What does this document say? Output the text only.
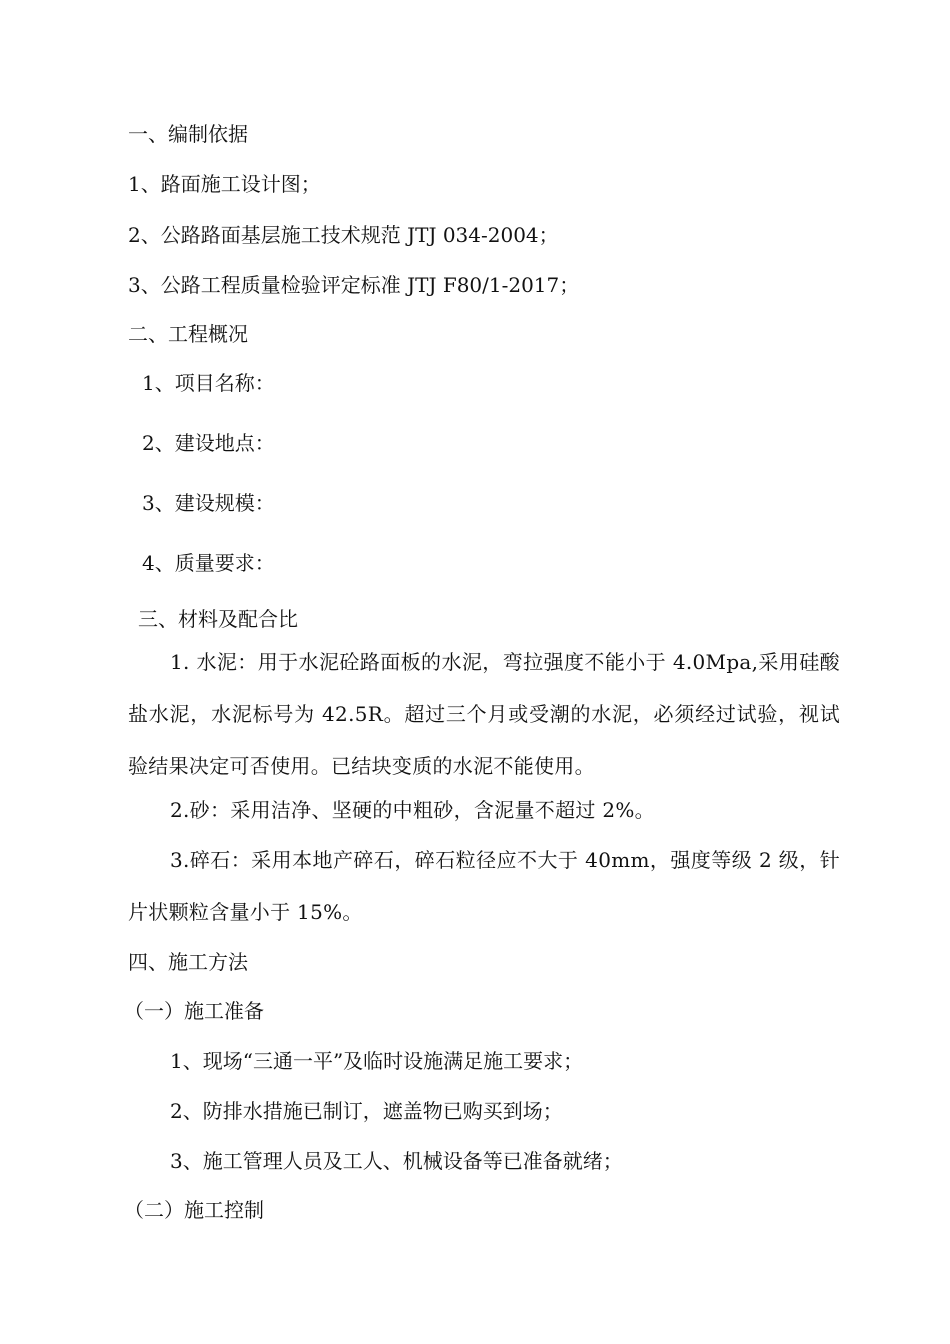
一、编制依据
1、路面施工设计图；
2、公路路面基层施工技术规范 JTJ 034-2004；
3、公路工程质量检验评定标准 JTJ F80/1-2017；
二、工程概况
1、项目名称：
2、建设地点：
3、建设规模：
4、质量要求：
三、材料及配合比
1. 水泥：用于水泥砼路面板的水泥，弯拉强度不能小于 4.0Mpa,采用硅酸盐水泥，水泥标号为 42.5R。超过三个月或受潮的水泥，必须经过试验，视试验结果决定可否使用。已结块变质的水泥不能使用。
2.砂：采用洁净、坚硬的中粗砂，含泥量不超过 2%。
3.碎石：采用本地产碎石，碎石粒径应不大于 40mm，强度等级 2 级，针片状颗粒含量小于 15%。
四、施工方法
（一）施工准备
1、现场“三通一平”及临时设施满足施工要求；
2、防排水措施已制订，遮盖物已购买到场；
3、施工管理人员及工人、机械设备等已准备就绪；
（二）施工控制
